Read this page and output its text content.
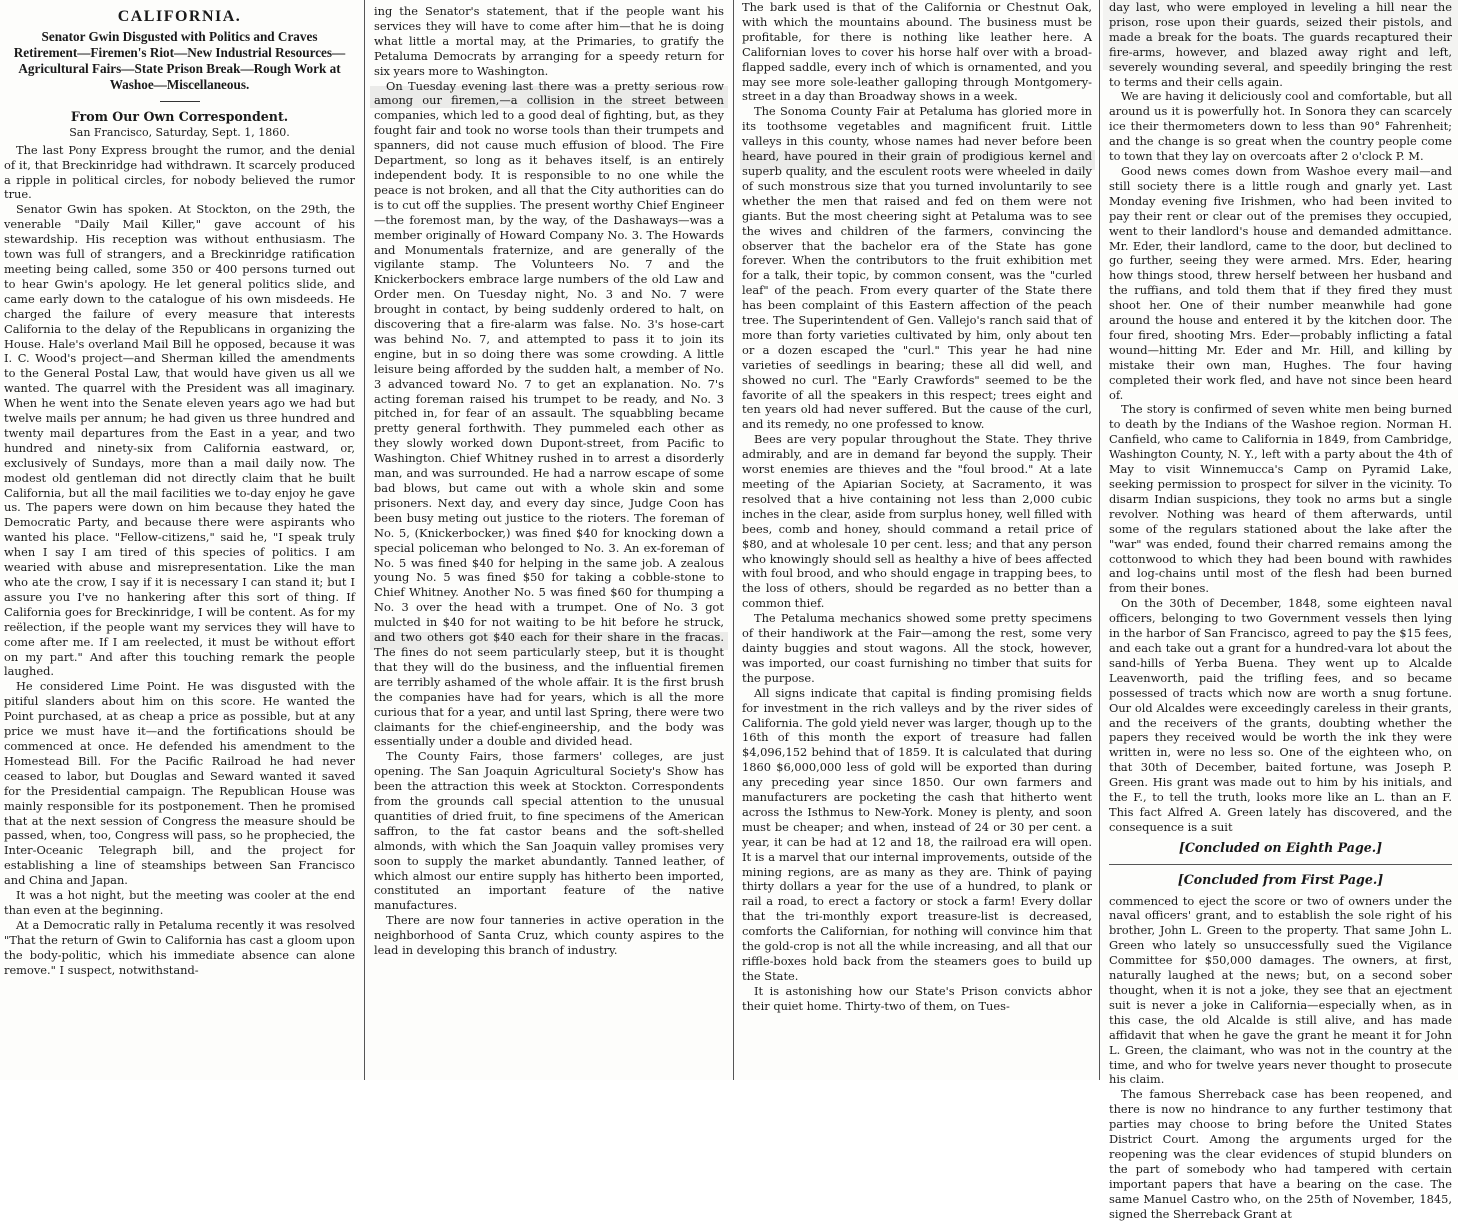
CALIFORNIA.
Senator Gwin Disgusted with Politics and Craves Retirement—Firemen's Riot—New Industrial Resources—Agricultural Fairs—State Prison Break—Rough Work at Washoe—Miscellaneous.
From Our Own Correspondent.
San Francisco, Saturday, Sept. 1, 1860.

The last Pony Express brought the rumor, and the denial of it, that Breckinridge had withdrawn. It scarcely produced a ripple in political circles, for nobody believed the rumor true.

Senator Gwin has spoken. At Stockton, on the 29th, the venerable "Daily Mail Killer," gave account of his stewardship. His reception was without enthusiasm. The town was full of strangers, and a Breckinridge ratification meeting being called, some 350 or 400 persons turned out to hear Gwin's apology. He let general politics slide, and came early down to the catalogue of his own misdeeds. He charged the failure of every measure that interests California to the delay of the Republicans in organizing the House. Hale's overland Mail Bill he opposed, because it was I. C. Wood's project—and Sherman killed the amendments to the General Postal Law, that would have given us all we wanted. The quarrel with the President was all imaginary. When he went into the Senate eleven years ago we had but twelve mails per annum; he had given us three hundred and twenty mail departures from the East in a year, and two hundred and ninety-six from California eastward, or, exclusively of Sundays, more than a mail daily now. The modest old gentleman did not directly claim that he built California, but all the mail facilities we to-day enjoy he gave us. The papers were down on him because they hated the Democratic Party, and because there were aspirants who wanted his place. "Fellow-citizens," said he, "I speak truly when I say I am tired of this species of politics. I am wearied with abuse and misrepresentation. Like the man who ate the crow, I say if it is necessary I can stand it; but I assure you I've no hankering after this sort of thing. If California goes for Breckinridge, I will be content. As for my reëlection, if the people want my services they will have to come after me. If I am reelected, it must be without effort on my part." And after this touching remark the people laughed.

He considered Lime Point. He was disgusted with the pitiful slanders about him on this score. He wanted the Point purchased, at as cheap a price as possible, but at any price we must have it—and the fortifications should be commenced at once. He defended his amendment to the Homestead Bill. For the Pacific Railroad he had never ceased to labor, but Douglas and Seward wanted it saved for the Presidential campaign. The Republican House was mainly responsible for its postponement. Then he promised that at the next session of Congress the measure should be passed, when, too, Congress will pass, so he prophecied, the Inter-Oceanic Telegraph bill, and the project for establishing a line of steamships between San Francisco and China and Japan.

It was a hot night, but the meeting was cooler at the end than even at the beginning.

At a Democratic rally in Petaluma recently it was resolved "That the return of Gwin to California has cast a gloom upon the body-politic, which his immediate absence can alone remove." I suspect, notwithstand-

ing the Senator's statement, that if the people want his services they will have to come after him—that he is doing what little a mortal may, at the Primaries, to gratify the Petaluma Democrats by arranging for a speedy return for six years more to Washington.

On Tuesday evening last there was a pretty serious row among our firemen,—a collision in the street between companies, which led to a good deal of fighting, but, as they fought fair and took no worse tools than their trumpets and spanners, did not cause much effusion of blood. The Fire Department, so long as it behaves itself, is an entirely independent body. It is responsible to no one while the peace is not broken, and all that the City authorities can do is to cut off the supplies. The present worthy Chief Engineer—the foremost man, by the way, of the Dashaways—was a member originally of Howard Company No. 3. The Howards and Monumentals fraternize, and are generally of the vigilante stamp. The Volunteers No. 7 and the Knickerbockers embrace large numbers of the old Law and Order men. On Tuesday night, No. 3 and No. 7 were brought in contact, by being suddenly ordered to halt, on discovering that a fire-alarm was false. No. 3's hose-cart was behind No. 7, and attempted to pass it to join its engine, but in so doing there was some crowding. A little leisure being afforded by the sudden halt, a member of No. 3 advanced toward No. 7 to get an explanation. No. 7's acting foreman raised his trumpet to be ready, and No. 3 pitched in, for fear of an assault. The squabbling became pretty general forthwith. They pummeled each other as they slowly worked down Dupont-street, from Pacific to Washington. Chief Whitney rushed in to arrest a disorderly man, and was surrounded. He had a narrow escape of some bad blows, but came out with a whole skin and some prisoners. Next day, and every day since, Judge Coon has been busy meting out justice to the rioters. The foreman of No. 5, (Knickerbocker,) was fined $40 for knocking down a special policeman who belonged to No. 3. An ex-foreman of No. 5 was fined $40 for helping in the same job. A zealous young No. 5 was fined $50 for taking a cobble-stone to Chief Whitney. Another No. 5 was fined $60 for thumping a No. 3 over the head with a trumpet. One of No. 3 got mulcted in $40 for not waiting to be hit before he struck, and two others got $40 each for their share in the fracas. The fines do not seem particularly steep, but it is thought that they will do the business, and the influential firemen are terribly ashamed of the whole affair. It is the first brush the companies have had for years, which is all the more curious that for a year, and until last Spring, there were two claimants for the chief-engineership, and the body was essentially under a double and divided head.

The County Fairs, those farmers' colleges, are just opening. The San Joaquin Agricultural Society's Show has been the attraction this week at Stockton. Correspondents from the grounds call special attention to the unusual quantities of dried fruit, to fine specimens of the American saffron, to the fat castor beans and the soft-shelled almonds, with which the San Joaquin valley promises very soon to supply the market abundantly. Tanned leather, of which almost our entire supply has hitherto been imported, constituted an important feature of the native manufactures.

There are now four tanneries in active operation in the neighborhood of Santa Cruz, which county aspires to the lead in developing this branch of industry.

The bark used is that of the California or Chestnut Oak, with which the mountains abound. The business must be profitable, for there is nothing like leather here. A Californian loves to cover his horse half over with a broad-flapped saddle, every inch of which is ornamented, and you may see more sole-leather galloping through Montgomery-street in a day than Broadway shows in a week.

The Sonoma County Fair at Petaluma has gloried more in its toothsome vegetables and magnificent fruit. Little valleys in this county, whose names had never before been heard, have poured in their grain of prodigious kernel and superb quality, and the esculent roots were wheeled in daily of such monstrous size that you turned involuntarily to see whether the men that raised and fed on them were not giants. But the most cheering sight at Petaluma was to see the wives and children of the farmers, convincing the observer that the bachelor era of the State has gone forever. When the contributors to the fruit exhibition met for a talk, their topic, by common consent, was the "curled leaf" of the peach. From every quarter of the State there has been complaint of this Eastern affection of the peach tree. The Superintendent of Gen. Vallejo's ranch said that of more than forty varieties cultivated by him, only about ten or a dozen escaped the "curl." This year he had nine varieties of seedlings in bearing; these all did well, and showed no curl. The "Early Crawfords" seemed to be the favorite of all the speakers in this respect; trees eight and ten years old had never suffered. But the cause of the curl, and its remedy, no one professed to know.

Bees are very popular throughout the State. They thrive admirably, and are in demand far beyond the supply. Their worst enemies are thieves and the "foul brood." At a late meeting of the Apiarian Society, at Sacramento, it was resolved that a hive containing not less than 2,000 cubic inches in the clear, aside from surplus honey, well filled with bees, comb and honey, should command a retail price of $80, and at wholesale 10 per cent. less; and that any person who knowingly should sell as healthy a hive of bees affected with foul brood, and who should engage in trapping bees, to the loss of others, should be regarded as no better than a common thief.

The Petaluma mechanics showed some pretty specimens of their handiwork at the Fair—among the rest, some very dainty buggies and stout wagons. All the stock, however, was imported, our coast furnishing no timber that suits for the purpose.

All signs indicate that capital is finding promising fields for investment in the rich valleys and by the river sides of California. The gold yield never was larger, though up to the 16th of this month the export of treasure had fallen $4,096,152 behind that of 1859. It is calculated that during 1860 $6,000,000 less of gold will be exported than during any preceding year since 1850. Our own farmers and manufacturers are pocketing the cash that hitherto went across the Isthmus to New-York. Money is plenty, and soon must be cheaper; and when, instead of 24 or 30 per cent. a year, it can be had at 12 and 18, the railroad era will open. It is a marvel that our internal improvements, outside of the mining regions, are as many as they are. Think of paying thirty dollars a year for the use of a hundred, to plank or rail a road, to erect a factory or stock a farm! Every dollar that the tri-monthly export treasure-list is decreased, comforts the Californian, for nothing will convince him that the gold-crop is not all the while increasing, and all that our riffle-boxes hold back from the steamers goes to build up the State.

It is astonishing how our State's Prison convicts abhor their quiet home. Thirty-two of them, on Tues-

day last, who were employed in leveling a hill near the prison, rose upon their guards, seized their pistols, and made a break for the boats. The guards recaptured their fire-arms, however, and blazed away right and left, severely wounding several, and speedily bringing the rest to terms and their cells again.

We are having it deliciously cool and comfortable, but all around us it is powerfully hot. In Sonora they can scarcely ice their thermometers down to less than 90° Fahrenheit; and the change is so great when the country people come to town that they lay on overcoats after 2 o'clock P. M.

Good news comes down from Washoe every mail—and still society there is a little rough and gnarly yet. Last Monday evening five Irishmen, who had been invited to pay their rent or clear out of the premises they occupied, went to their landlord's house and demanded admittance. Mr. Eder, their landlord, came to the door, but declined to go further, seeing they were armed. Mrs. Eder, hearing how things stood, threw herself between her husband and the ruffians, and told them that if they fired they must shoot her. One of their number meanwhile had gone around the house and entered it by the kitchen door. The four fired, shooting Mrs. Eder—probably inflicting a fatal wound—hitting Mr. Eder and Mr. Hill, and killing by mistake their own man, Hughes. The four having completed their work fled, and have not since been heard of.

The story is confirmed of seven white men being burned to death by the Indians of the Washoe region. Norman H. Canfield, who came to California in 1849, from Cambridge, Washington County, N. Y., left with a party about the 4th of May to visit Winnemucca's Camp on Pyramid Lake, seeking permission to prospect for silver in the vicinity. To disarm Indian suspicions, they took no arms but a single revolver. Nothing was heard of them afterwards, until some of the regulars stationed about the lake after the "war" was ended, found their charred remains among the cottonwood to which they had been bound with rawhides and log-chains until most of the flesh had been burned from their bones.

On the 30th of December, 1848, some eighteen naval officers, belonging to two Government vessels then lying in the harbor of San Francisco, agreed to pay the $15 fees, and each take out a grant for a hundred-vara lot about the sand-hills of Yerba Buena. They went up to Alcalde Leavenworth, paid the trifling fees, and so became possessed of tracts which now are worth a snug fortune. Our old Alcaldes were exceedingly careless in their grants, and the receivers of the grants, doubting whether the papers they received would be worth the ink they were written in, were no less so. One of the eighteen who, on that 30th of December, baited fortune, was Joseph P. Green. His grant was made out to him by his initials, and the F., to tell the truth, looks more like an L. than an F. This fact Alfred A. Green lately has discovered, and the consequence is a suit

[Concluded on Eighth Page.]
[Concluded from First Page.]

commenced to eject the score or two of owners under the naval officers' grant, and to establish the sole right of his brother, John L. Green to the property. That same John L. Green who lately so unsuccessfully sued the Vigilance Committee for $50,000 damages. The owners, at first, naturally laughed at the news; but, on a second sober thought, when it is not a joke, they see that an ejectment suit is never a joke in California—especially when, as in this case, the old Alcalde is still alive, and has made affidavit that when he gave the grant he meant it for John L. Green, the claimant, who was not in the country at the time, and who for twelve years never thought to prosecute his claim.

The famous Sherreback case has been reopened, and there is now no hindrance to any further testimony that parties may choose to bring before the United States District Court. Among the arguments urged for the reopening was the clear evidences of stupid blunders on the part of somebody who had tampered with certain important papers that have a bearing on the case. The same Manuel Castro who, on the 25th of November, 1845, signed the Sherreback Grant at
